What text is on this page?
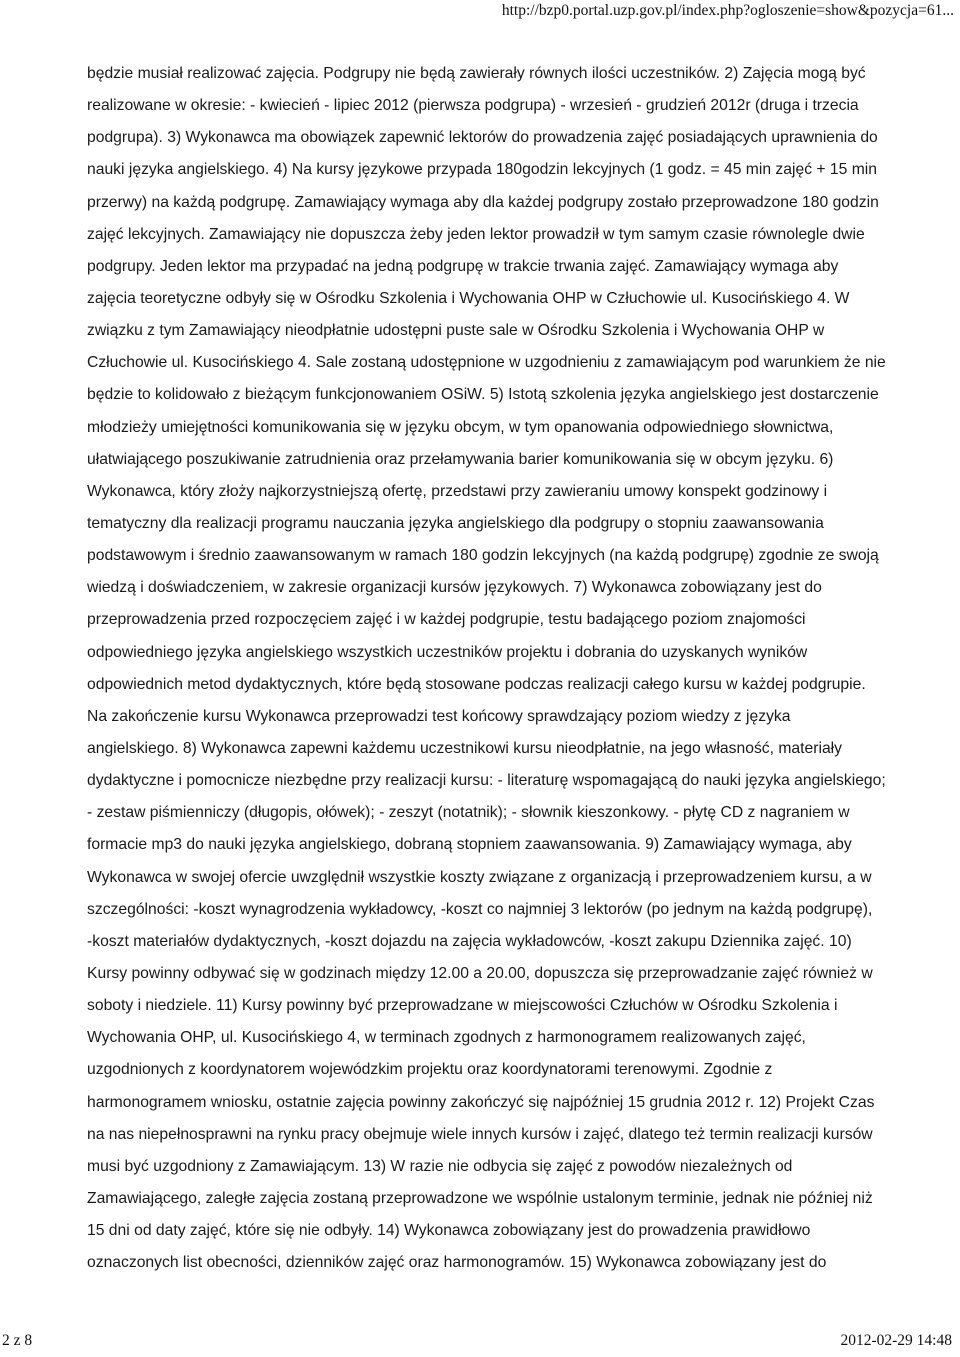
http://bzp0.portal.uzp.gov.pl/index.php?ogloszenie=show&pozycja=61...
będzie musiał realizować zajęcia. Podgrupy nie będą zawierały równych ilości uczestników. 2) Zajęcia mogą być
realizowane w okresie: - kwiecień - lipiec 2012 (pierwsza podgrupa) - wrzesień - grudzień 2012r (druga i trzecia
podgrupa). 3) Wykonawca ma obowiązek zapewnić lektorów do prowadzenia zajęć posiadających uprawnienia do
nauki języka angielskiego. 4) Na kursy językowe przypada 180godzin lekcyjnych (1 godz. = 45 min zajęć + 15 min
przerwy) na każdą podgrupę. Zamawiający wymaga aby dla każdej podgrupy zostało przeprowadzone 180 godzin
zajęć lekcyjnych. Zamawiający nie dopuszcza żeby jeden lektor prowadził w tym samym czasie równolegle dwie
podgrupy. Jeden lektor ma przypadać na jedną podgrupę w trakcie trwania zajęć. Zamawiający wymaga aby
zajęcia teoretyczne odbyły się w Ośrodku Szkolenia i Wychowania OHP w Człuchowie ul. Kusocińskiego 4. W
związku z tym Zamawiający nieodpłatnie udostępni puste sale w Ośrodku Szkolenia i Wychowania OHP w
Człuchowie ul. Kusocińskiego 4. Sale zostaną udostępnione w uzgodnieniu z zamawiającym pod warunkiem że nie
będzie to kolidowało z bieżącym funkcjonowaniem OSiW. 5) Istotą szkolenia języka angielskiego jest dostarczenie
młodzieży umiejętności komunikowania się w języku obcym, w tym opanowania odpowiedniego słownictwa,
ułatwiającego poszukiwanie zatrudnienia oraz przełamywania barier komunikowania się w obcym języku. 6)
Wykonawca, który złoży najkorzystniejszą ofertę, przedstawi przy zawieraniu umowy konspekt godzinowy i
tematyczny dla realizacji programu nauczania języka angielskiego dla podgrupy o stopniu zaawansowania
podstawowym i średnio zaawansowanym w ramach 180 godzin lekcyjnych (na każdą podgrupę) zgodnie ze swoją
wiedzą i doświadczeniem, w zakresie organizacji kursów językowych. 7) Wykonawca zobowiązany jest do
przeprowadzenia przed rozpoczęciem zajęć i w każdej podgrupie, testu badającego poziom znajomości
odpowiedniego języka angielskiego wszystkich uczestników projektu i dobrania do uzyskanych wyników
odpowiednich metod dydaktycznych, które będą stosowane podczas realizacji całego kursu w każdej podgrupie.
Na zakończenie kursu Wykonawca przeprowadzi test końcowy sprawdzający poziom wiedzy z języka
angielskiego. 8) Wykonawca zapewni każdemu uczestnikowi kursu nieodpłatnie, na jego własność, materiały
dydaktyczne i pomocnicze niezbędne przy realizacji kursu: - literaturę wspomagającą do nauki języka angielskiego;
- zestaw piśmienniczy (długopis, ołówek); - zeszyt (notatnik); - słownik kieszonkowy. - płytę CD z nagraniem w
formacie mp3 do nauki języka angielskiego, dobraną stopniem zaawansowania. 9) Zamawiający wymaga, aby
Wykonawca w swojej ofercie uwzględnił wszystkie koszty związane z organizacją i przeprowadzeniem kursu, a w
szczególności: -koszt wynagrodzenia wykładowcy, -koszt co najmniej 3 lektorów (po jednym na każdą podgrupę),
-koszt materiałów dydaktycznych, -koszt dojazdu na zajęcia wykładowców, -koszt zakupu Dziennika zajęć. 10)
Kursy powinny odbywać się w godzinach między 12.00 a 20.00, dopuszcza się przeprowadzanie zajęć również w
soboty i niedziele. 11) Kursy powinny być przeprowadzane w miejscowości Człuchów w Ośrodku Szkolenia i
Wychowania OHP, ul. Kusocińskiego 4, w terminach zgodnych z harmonogramem realizowanych zajęć,
uzgodnionych z koordynatorem wojewódzkim projektu oraz koordynatorami terenowymi. Zgodnie z
harmonogramem wniosku, ostatnie zajęcia powinny zakończyć się najpóźniej 15 grudnia 2012 r. 12) Projekt Czas
na nas niepełnosprawni na rynku pracy obejmuje wiele innych kursów i zajęć, dlatego też termin realizacji kursów
musi być uzgodniony z Zamawiającym. 13) W razie nie odbycia się zajęć z powodów niezależnych od
Zamawiającego, zaległe zajęcia zostaną przeprowadzone we wspólnie ustalonym terminie, jednak nie później niż
15 dni od daty zajęć, które się nie odbyły. 14) Wykonawca zobowiązany jest do prowadzenia prawidłowo
oznaczonych list obecności, dzienników zajęć oraz harmonogramów. 15) Wykonawca zobowiązany jest do
2 z 8	2012-02-29 14:48
